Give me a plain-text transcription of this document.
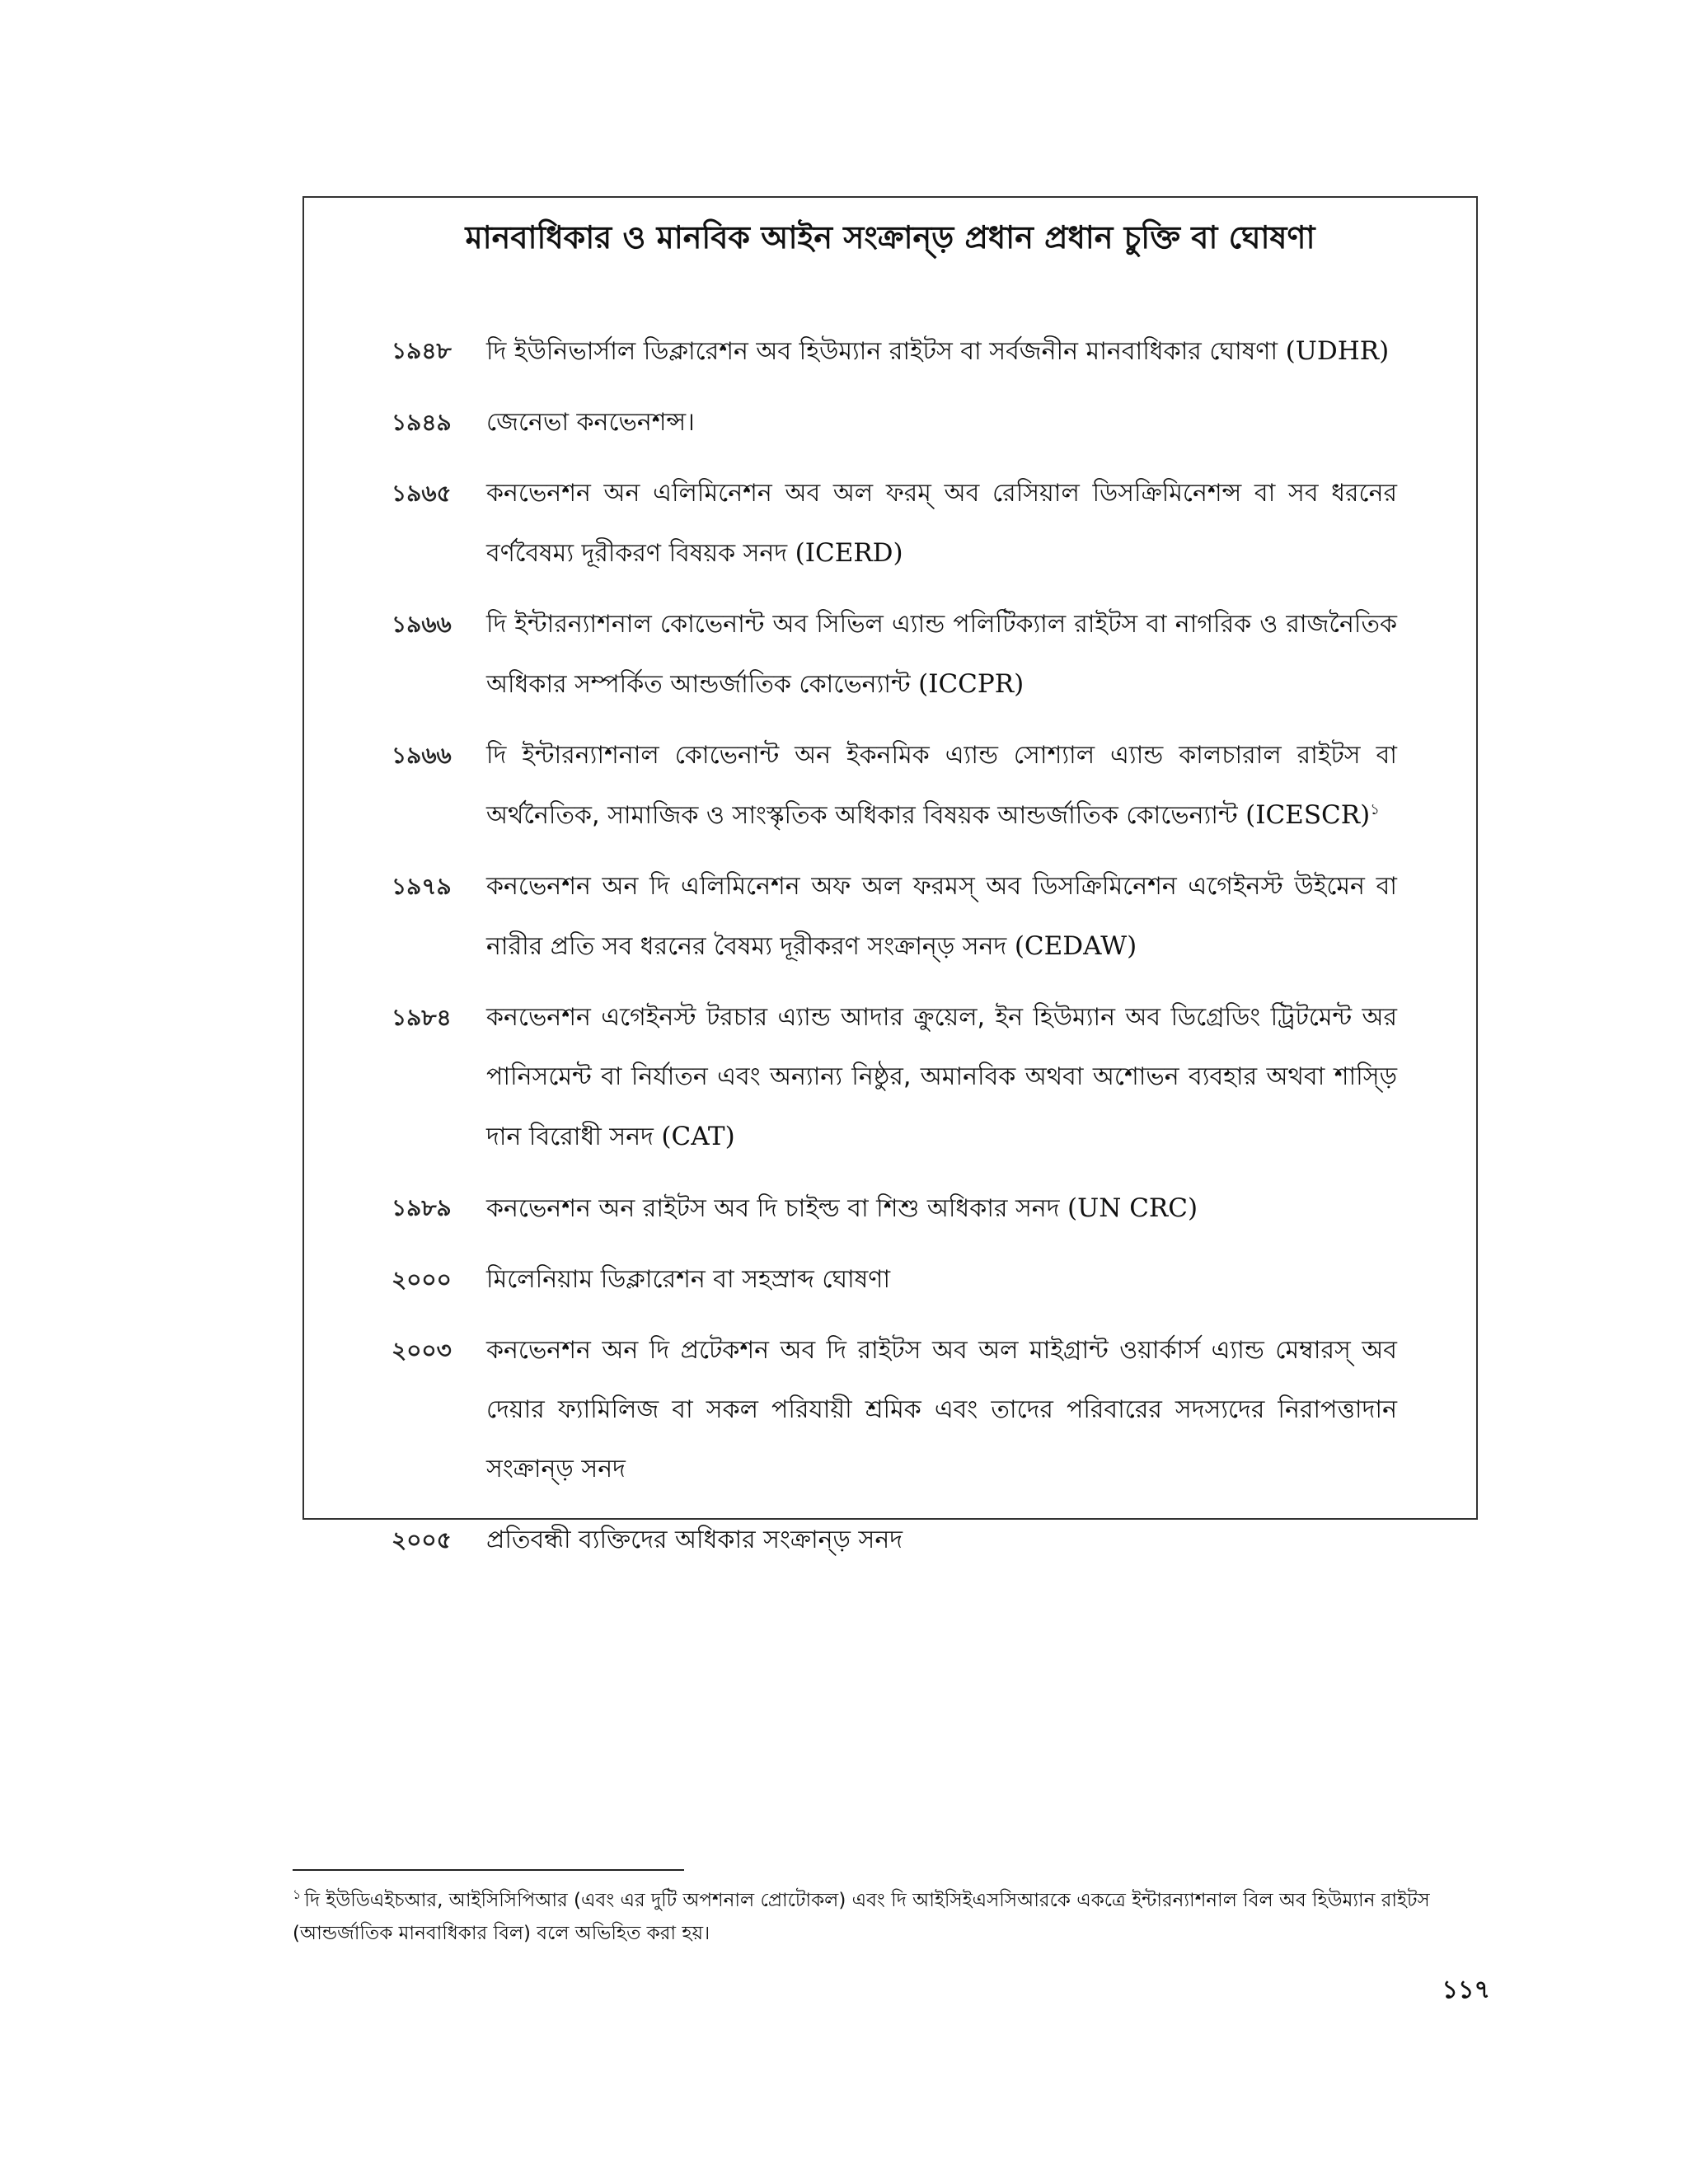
মানবাধিকার ও মানবিক আইন সংক্রান্ড় প্রধান প্রধান চুক্তি বা ঘোষণা
১৯৪৮	দি ইউনিভার্সাল ডিক্লারেশন অব হিউম্যান রাইটস বা সর্বজনীন মানবাধিকার ঘোষণা (UDHR)
১৯৪৯	জেনেভা কনভেনশন্স।
১৯৬৫	কনভেনশন অন এলিমিনেশন অব অল ফরম্ অব রেসিয়াল ডিসক্রিমিনেশন্স বা সব ধরনের বর্ণবৈষম্য দূরীকরণ বিষয়ক সনদ (ICERD)
১৯৬৬	দি ইন্টারন্যাশনাল কোভেনান্ট অব সিভিল এ্যান্ড পলিটিক্যাল রাইটস বা নাগরিক ও রাজনৈতিক অধিকার সম্পর্কিত আন্ডর্জাতিক কোভেন্যান্ট (ICCPR)
১৯৬৬	দি ইন্টারন্যাশনাল কোভেনান্ট অন ইকনমিক এ্যান্ড সোশ্যাল এ্যান্ড কালচারাল রাইটস বা অর্থনৈতিক, সামাজিক ও সাংস্কৃতিক অধিকার বিষয়ক আন্ডর্জাতিক কোভেন্যান্ট (ICESCR)$^১$
১৯৭৯	কনভেনশন অন দি এলিমিনেশন অফ অল ফরমস্ অব ডিসক্রিমিনেশন এগেইনস্ট উইমেন বা নারীর প্রতি সব ধরনের বৈষম্য দূরীকরণ সংক্রান্ড় সনদ (CEDAW)
১৯৮৪	কনভেনশন এগেইনস্ট টরচার এ্যান্ড আদার ক্রুয়েল, ইন হিউম্যান অব ডিগ্রেডিং ট্রিটমেন্ট অর পানিসমেন্ট বা নির্যাতন এবং অন্যান্য নিষ্ঠুর, অমানবিক অথবা অশোভন ব্যবহার অথবা শাস্ড়ি দান বিরোধী সনদ (CAT)
১৯৮৯	কনভেনশন অন রাইটস অব দি চাইল্ড বা শিশু অধিকার সনদ (UN CRC)
২০০০	মিলেনিয়াম ডিক্লারেশন বা সহস্রাব্দ ঘোষণা
২০০৩	কনভেনশন অন দি প্রটেকশন অব দি রাইটস অব অল মাইগ্রান্ট ওয়ার্কার্স এ্যান্ড মেম্বারস্ অব দেয়ার ফ্যামিলিজ বা সকল পরিযায়ী শ্রমিক এবং তাদের পরিবারের সদস্যদের নিরাপত্তাদান সংক্রান্ড় সনদ
২০০৫	প্রতিবন্ধী ব্যক্তিদের অধিকার সংক্রান্ড় সনদ
$^১$ দি ইউডিএইচআর, আইসিসিপিআর (এবং এর দুটি অপশনাল প্রোটোকল) এবং দি আইসিইএসসিআরকে একত্রে ইন্টারন্যাশনাল বিল অব হিউম্যান রাইটস (আন্ডর্জাতিক মানবাধিকার বিল) বলে অভিহিত করা হয়।
১১৭
